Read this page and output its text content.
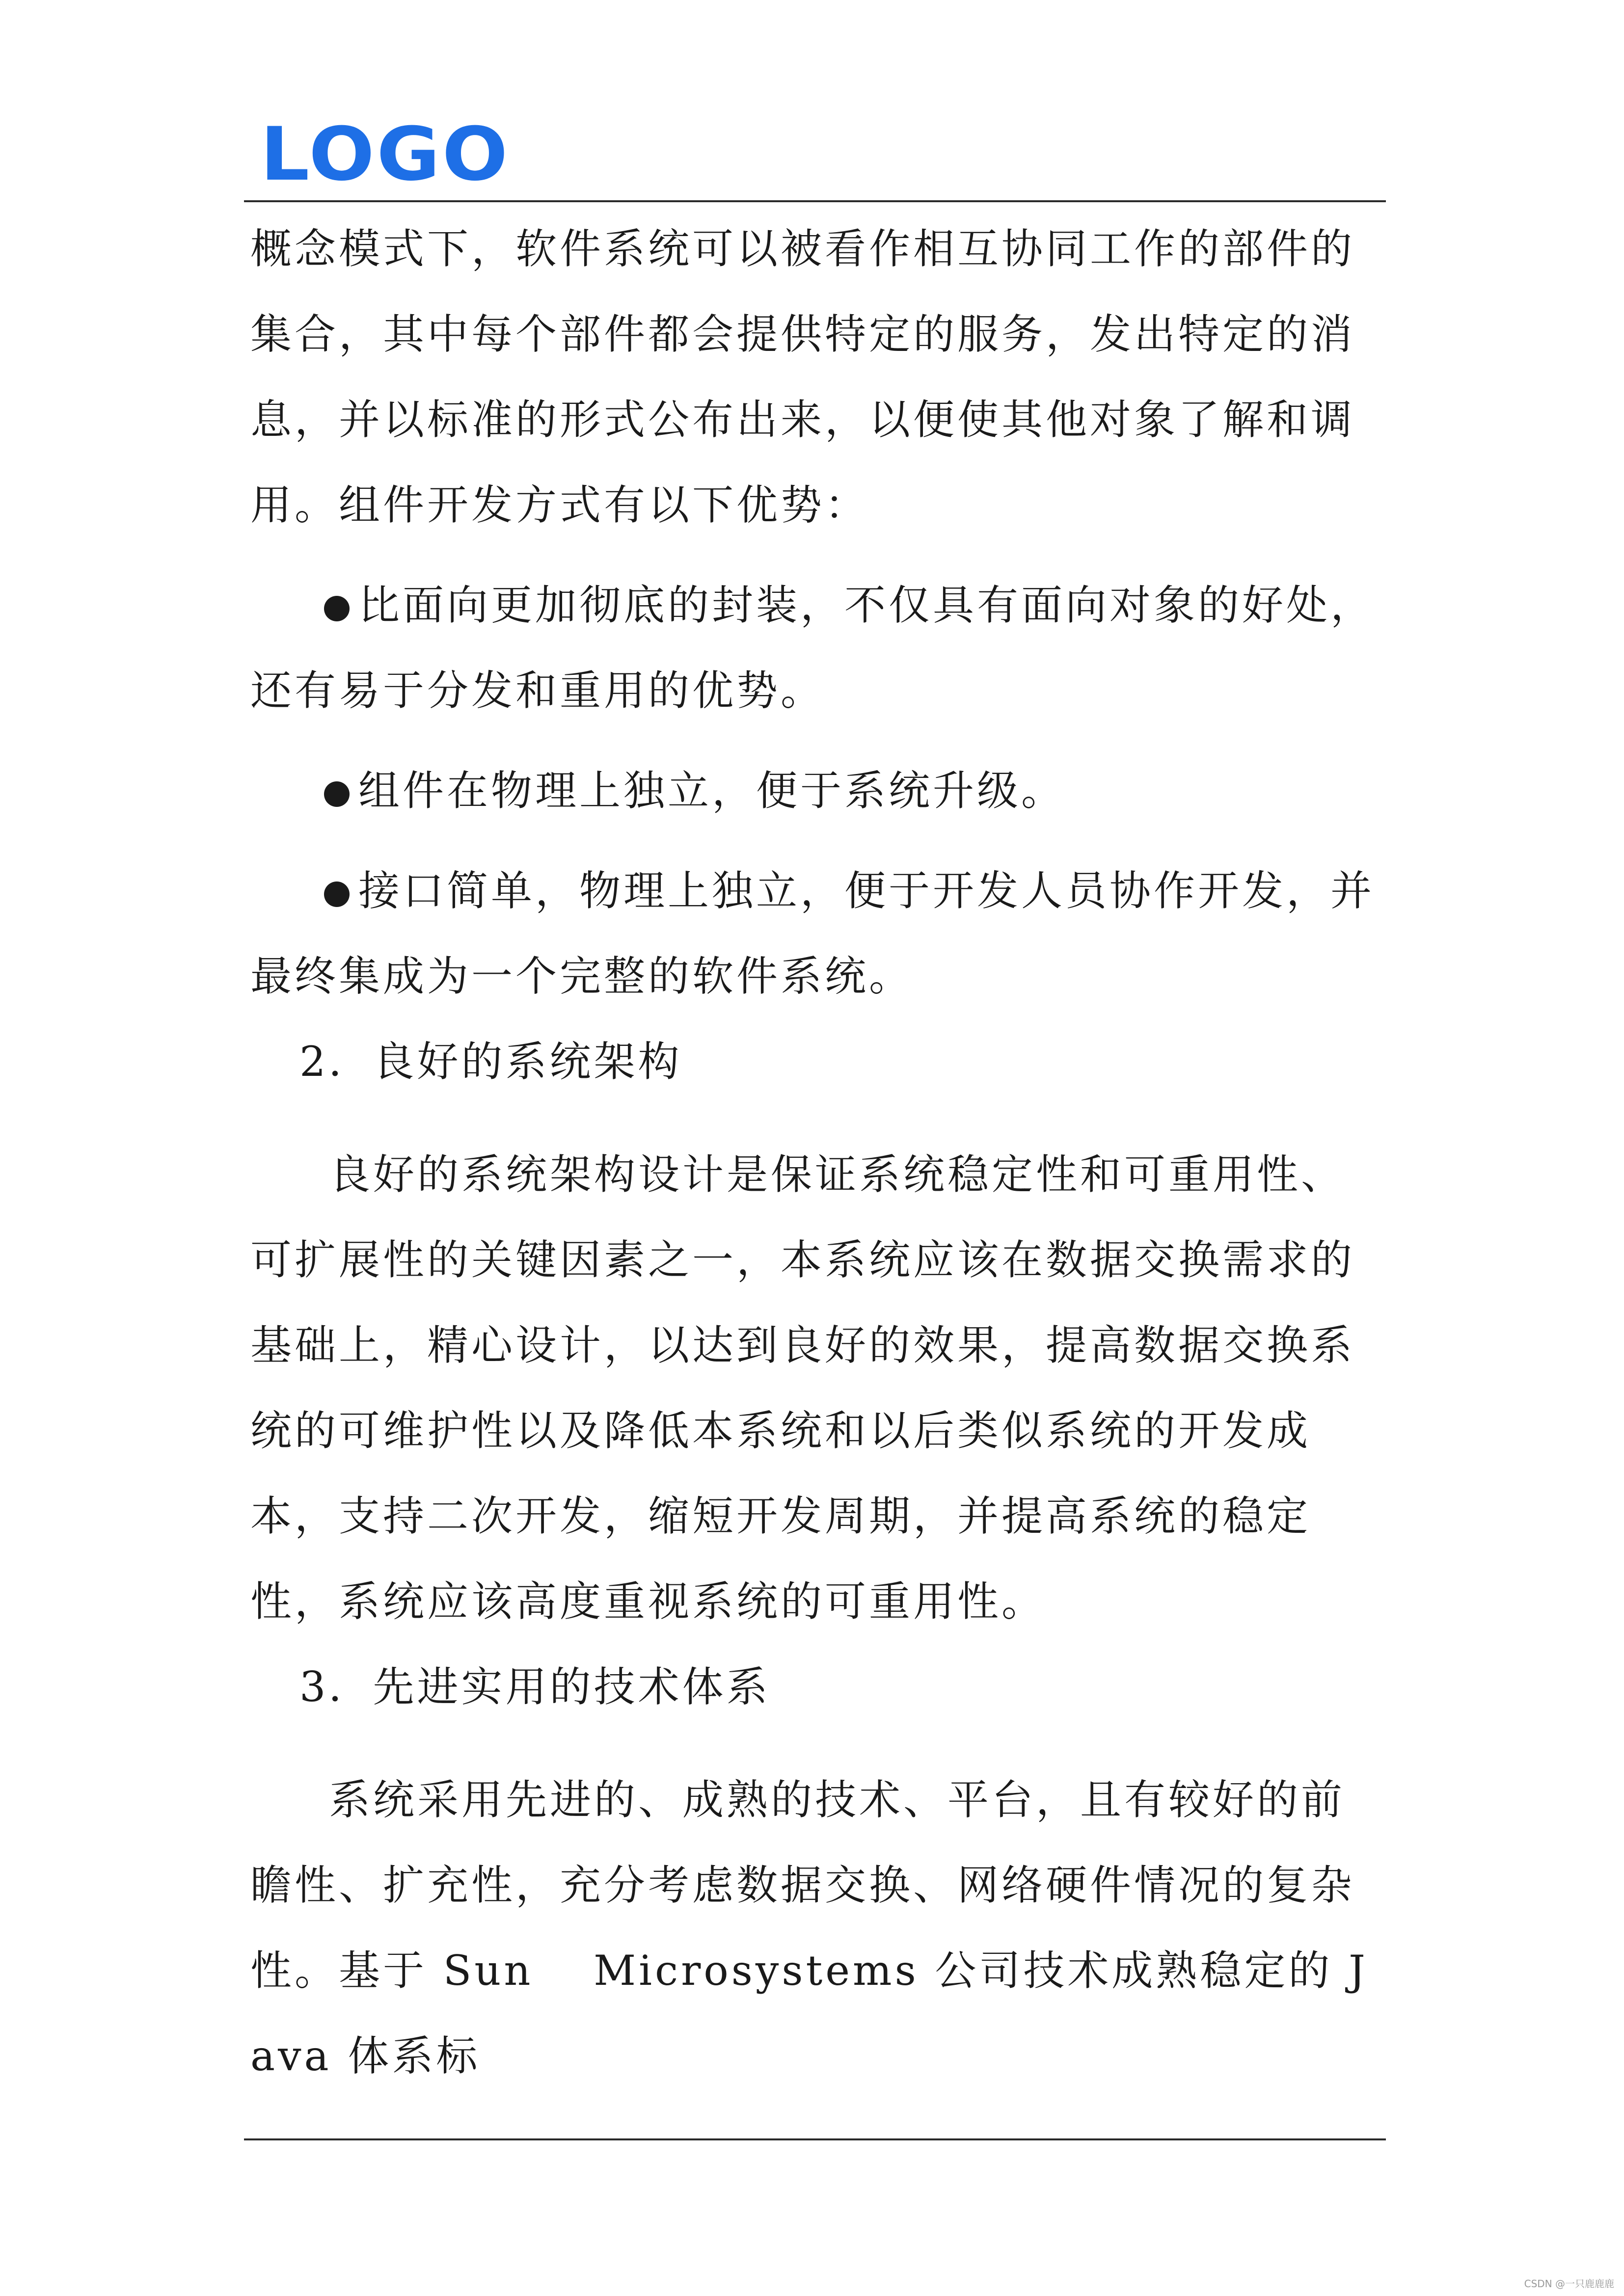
LOGO

概念模式下，软件系统可以被看作相互协同工作的部件的集合，其中每个部件都会提供特定的服务，发出特定的消息，并以标准的形式公布出来，以便使其他对象了解和调用。组件开发方式有以下优势：

比面向更加彻底的封装，不仅具有面向对象的好处，还有易于分发和重用的优势。

组件在物理上独立，便于系统升级。

接口简单，物理上独立，便于开发人员协作开发，并最终集成为一个完整的软件系统。

2．良好的系统架构

良好的系统架构设计是保证系统稳定性和可重用性、可扩展性的关键因素之一，本系统应该在数据交换需求的基础上，精心设计，以达到良好的效果，提高数据交换系统的可维护性以及降低本系统和以后类似系统的开发成本，支持二次开发，缩短开发周期，并提高系统的稳定性，系统应该高度重视系统的可重用性。

3．先进实用的技术体系

系统采用先进的、成熟的技术、平台，且有较好的前瞻性、扩充性，充分考虑数据交换、网络硬件情况的复杂性。基于 Sun　 Microsystems 公司技术成熟稳定的 Java 体系标

CSDN @一只鹿鹿鹿
